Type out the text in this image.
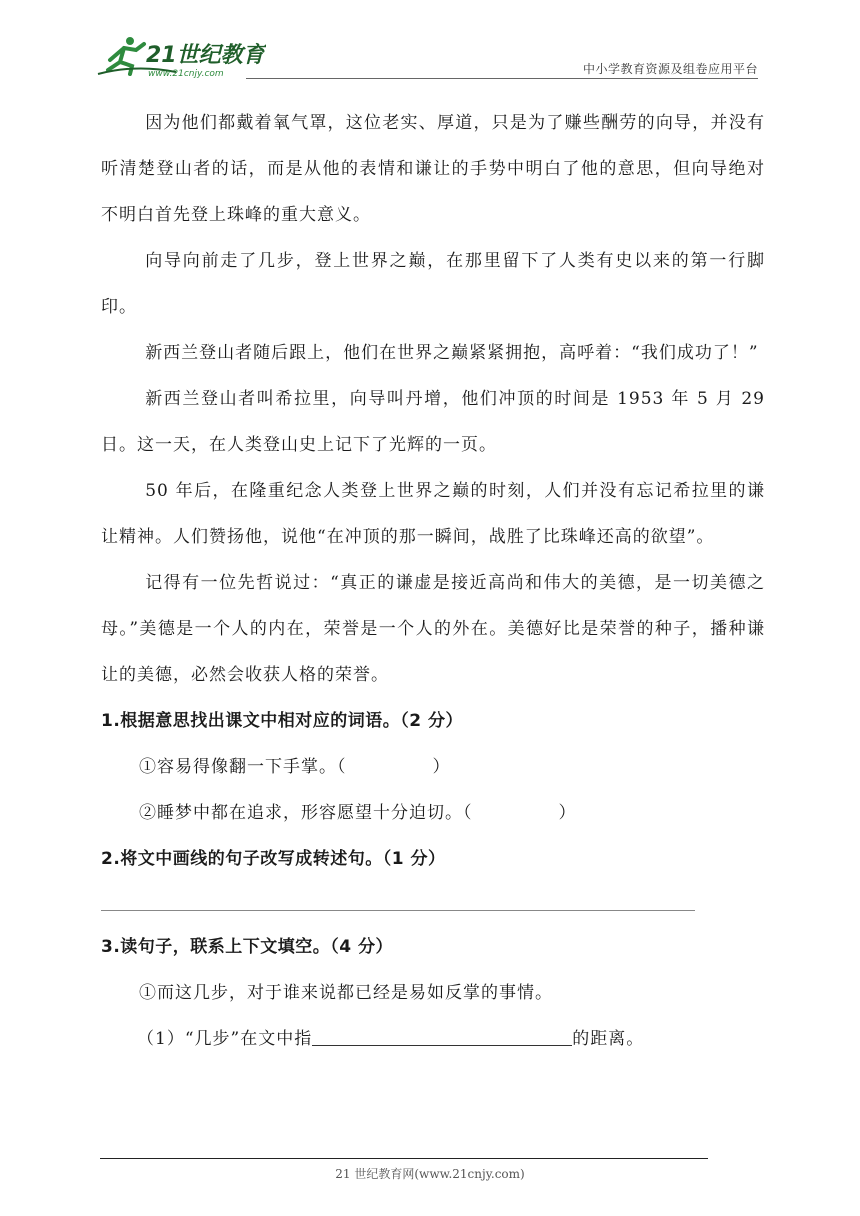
21世纪教育
www.21cnjy.com	中小学教育资源及组卷应用平台

因为他们都戴着氧气罩，这位老实、厚道，只是为了赚些酬劳的向导，并没有听清楚登山者的话，而是从他的表情和谦让的手势中明白了他的意思，但向导绝对不明白首先登上珠峰的重大意义。

向导向前走了几步，登上世界之巅，在那里留下了人类有史以来的第一行脚印。

新西兰登山者随后跟上，他们在世界之巅紧紧拥抱，高呼着：“我们成功了！”

新西兰登山者叫希拉里，向导叫丹增，他们冲顶的时间是 1953 年 5 月 29 日。这一天，在人类登山史上记下了光辉的一页。

50 年后，在隆重纪念人类登上世界之巅的时刻，人们并没有忘记希拉里的谦让精神。人们赞扬他，说他“在冲顶的那一瞬间，战胜了比珠峰还高的欲望”。

记得有一位先哲说过：“真正的谦虚是接近高尚和伟大的美德，是一切美德之母。”美德是一个人的内在，荣誉是一个人的外在。美德好比是荣誉的种子，播种谦让的美德，必然会收获人格的荣誉。

1.根据意思找出课文中相对应的词语。（2 分）
①容易得像翻一下手掌。（	）
②睡梦中都在追求，形容愿望十分迫切。（	）
2.将文中画线的句子改写成转述句。（1 分）
3.读句子，联系上下文填空。（4 分）
①而这几步，对于谁来说都已经是易如反掌的事情。
（1）“几步”在文中指	的距离。
21 世纪教育网(www.21cnjy.com)
